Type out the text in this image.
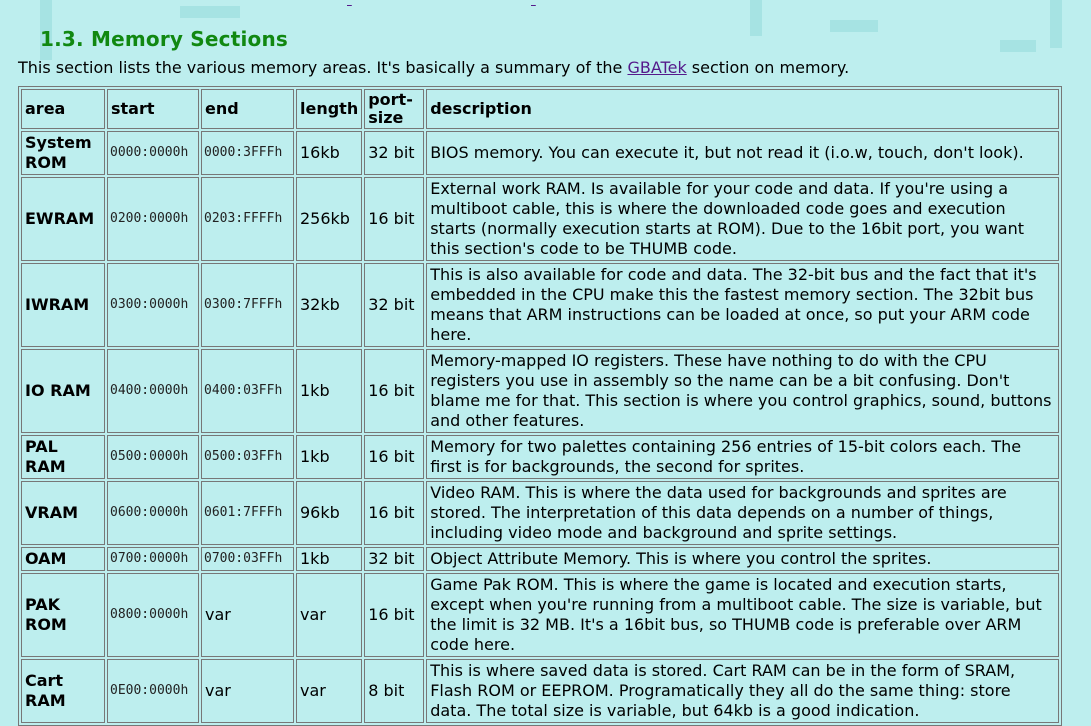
1.3. Memory Sections
This section lists the various memory areas. It's basically a summary of the GBATek section on memory.
area	start	end	length	port-
size	description
System
ROM	0000:0000h	0000:3FFFh	16kb	32 bit	BIOS memory. You can execute it, but not read it (i.o.w, touch, don't look).
EWRAM	0200:0000h	0203:FFFFh	256kb	16 bit	External work RAM. Is available for your code and data. If you're using a multiboot cable, this is where the downloaded code goes and execution starts (normally execution starts at ROM). Due to the 16bit port, you want this section's code to be THUMB code.
IWRAM	0300:0000h	0300:7FFFh	32kb	32 bit	This is also available for code and data. The 32-bit bus and the fact that it's embedded in the CPU make this the fastest memory section. The 32bit bus means that ARM instructions can be loaded at once, so put your ARM code here.
IO RAM	0400:0000h	0400:03FFh	1kb	16 bit	Memory-mapped IO registers. These have nothing to do with the CPU registers you use in assembly so the name can be a bit confusing. Don't blame me for that. This section is where you control graphics, sound, buttons and other features.
PAL RAM	0500:0000h	0500:03FFh	1kb	16 bit	Memory for two palettes containing 256 entries of 15-bit colors each. The first is for backgrounds, the second for sprites.
VRAM	0600:0000h	0601:7FFFh	96kb	16 bit	Video RAM. This is where the data used for backgrounds and sprites are stored. The interpretation of this data depends on a number of things, including video mode and background and sprite settings.
OAM	0700:0000h	0700:03FFh	1kb	32 bit	Object Attribute Memory. This is where you control the sprites.
PAK
ROM	0800:0000h	var	var	16 bit	Game Pak ROM. This is where the game is located and execution starts, except when you're running from a multiboot cable. The size is variable, but the limit is 32 MB. It's a 16bit bus, so THUMB code is preferable over ARM code here.
Cart
RAM	0E00:0000h	var	var	8 bit	This is where saved data is stored. Cart RAM can be in the form of SRAM, Flash ROM or EEPROM. Programatically they all do the same thing: store data. The total size is variable, but 64kb is a good indication.
